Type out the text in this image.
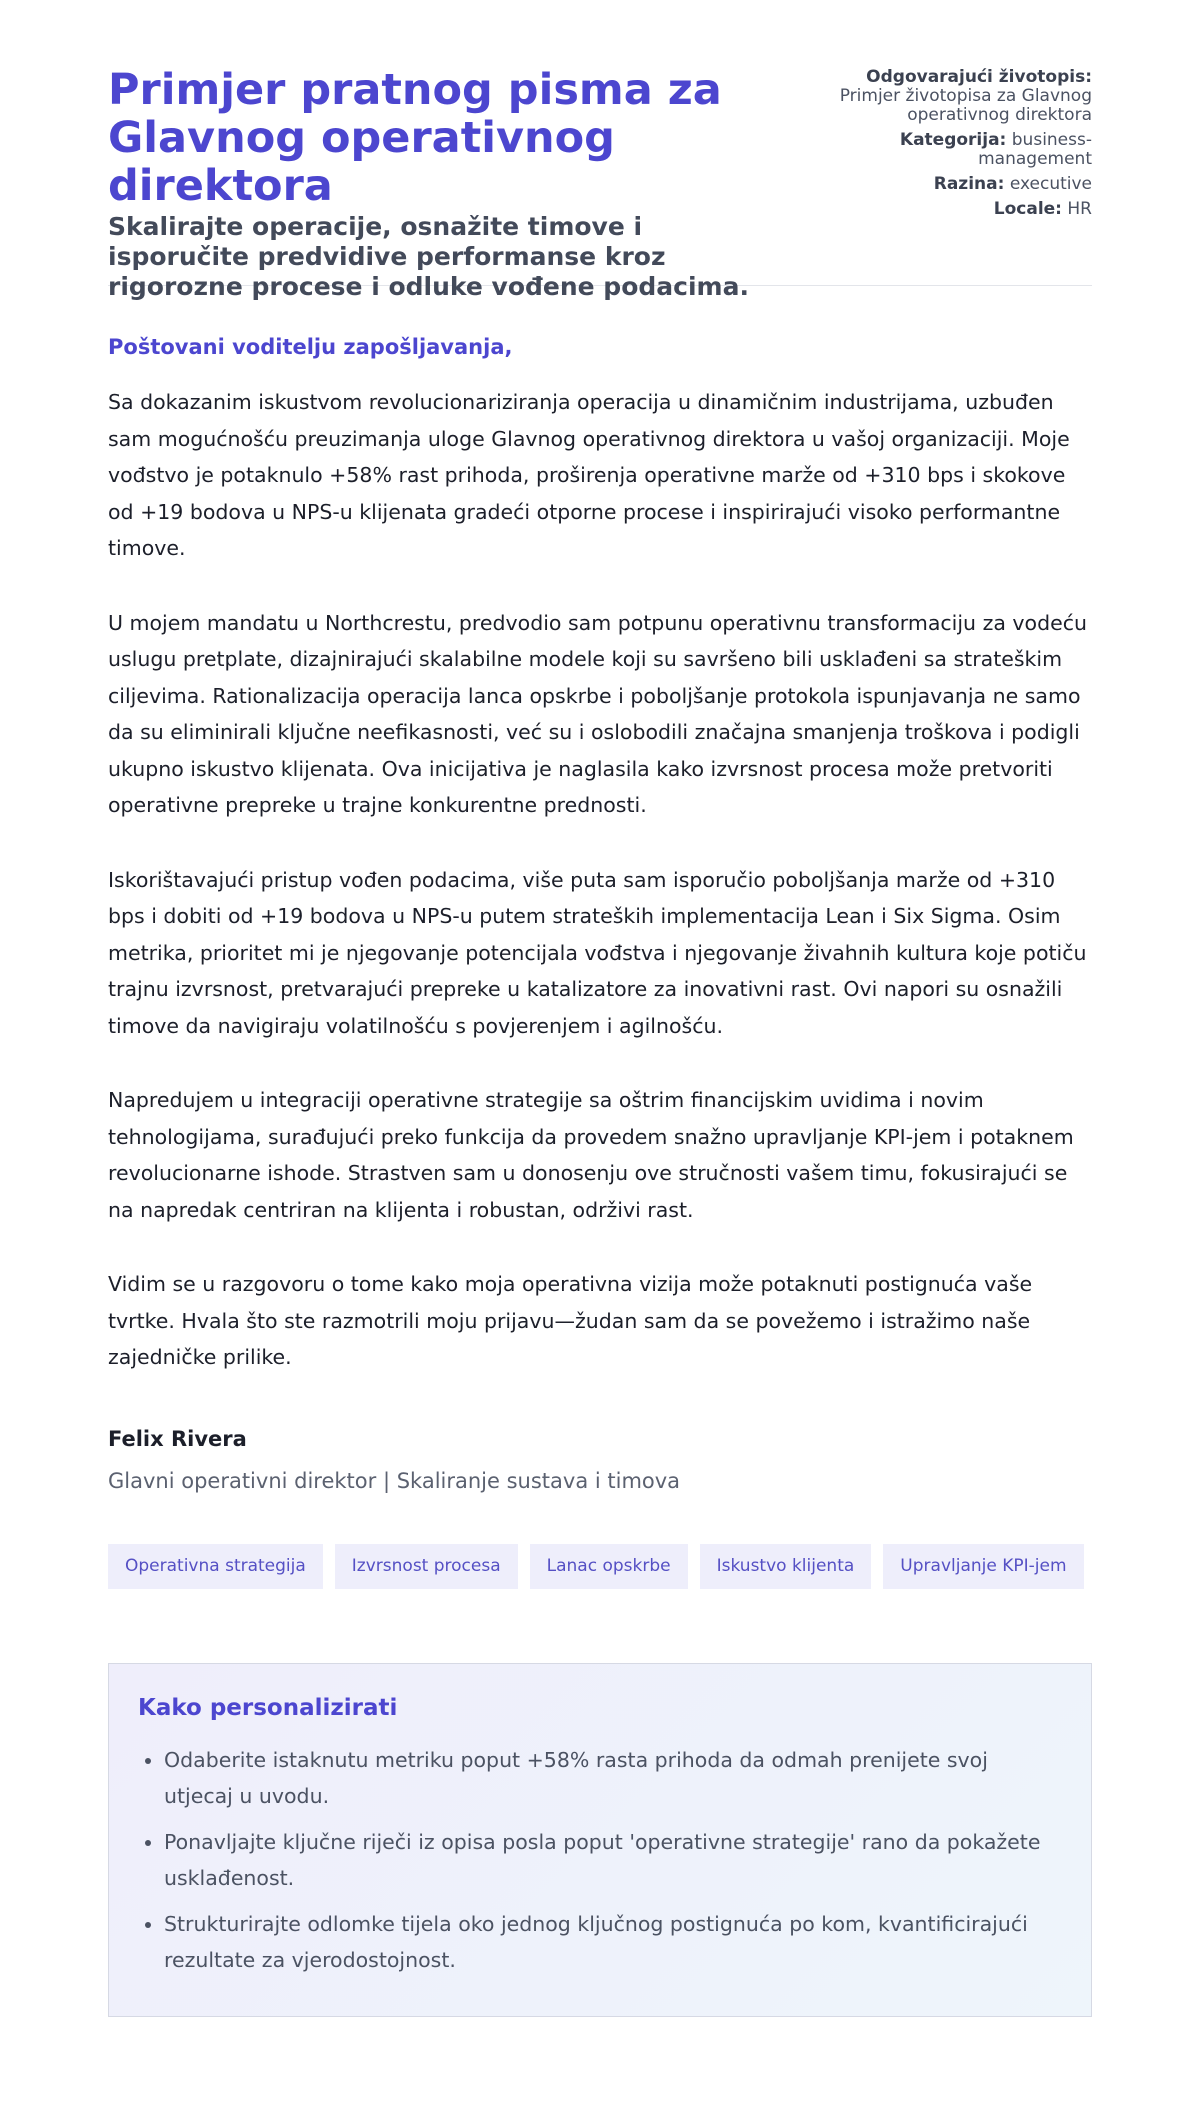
Primjer pratnog pisma za Glavnog operativnog direktora
Skalirajte operacije, osnažite timove i isporučite predvidive performanse kroz rigorozne procese i odluke vođene podacima.
Odgovarajući životopis:
Primjer životopisa za Glavnog operativnog direktora
Kategorija: business-management
Razina: executive
Locale: HR
Poštovani voditelju zapošljavanja,

Sa dokazanim iskustvom revolucionariziranja operacija u dinamičnim industrijama, uzbuđen sam mogućnošću preuzimanja uloge Glavnog operativnog direktora u vašoj organizaciji. Moje vođstvo je potaknulo +58% rast prihoda, proširenja operativne marže od +310 bps i skokove od +19 bodova u NPS-u klijenata gradeći otporne procese i inspirirajući visoko performantne timove.

U mojem mandatu u Northcrestu, predvodio sam potpunu operativnu transformaciju za vodeću uslugu pretplate, dizajnirajući skalabilne modele koji su savršeno bili usklađeni sa strateškim ciljevima. Rationalizacija operacija lanca opskrbe i poboljšanje protokola ispunjavanja ne samo da su eliminirali ključne neefikasnosti, već su i oslobodili značajna smanjenja troškova i podigli ukupno iskustvo klijenata. Ova inicijativa je naglasila kako izvrsnost procesa može pretvoriti operativne prepreke u trajne konkurentne prednosti.

Iskorištavajući pristup vođen podacima, više puta sam isporučio poboljšanja marže od +310 bps i dobiti od +19 bodova u NPS-u putem strateških implementacija Lean i Six Sigma. Osim metrika, prioritet mi je njegovanje potencijala vođstva i njegovanje živahnih kultura koje potiču trajnu izvrsnost, pretvarajući prepreke u katalizatore za inovativni rast. Ovi napori su osnažili timove da navigiraju volatilnošću s povjerenjem i agilnošću.

Napredujem u integraciji operativne strategije sa oštrim financijskim uvidima i novim tehnologijama, surađujući preko funkcija da provedem snažno upravljanje KPI-jem i potaknem revolucionarne ishode. Strastven sam u donosenju ove stručnosti vašem timu, fokusirajući se na napredak centriran na klijenta i robustan, održivi rast.

Vidim se u razgovoru o tome kako moja operativna vizija može potaknuti postignuća vaše tvrtke. Hvala što ste razmotrili moju prijavu—žudan sam da se povežemo i istražimo naše zajedničke prilike.

Felix Rivera
Glavni operativni direktor | Skaliranje sustava i timova
Operativna strategija	Izvrsnost procesa	Lanac opskrbe	Iskustvo klijenta	Upravljanje KPI-jem
Kako personalizirati
• Odaberite istaknutu metriku poput +58% rasta prihoda da odmah prenijete svoj utjecaj u uvodu.
• Ponavljajte ključne riječi iz opisa posla poput 'operativne strategije' rano da pokažete usklađenost.
• Strukturirajte odlomke tijela oko jednog ključnog postignuća po kom, kvantificirajući rezultate za vjerodostojnost.
